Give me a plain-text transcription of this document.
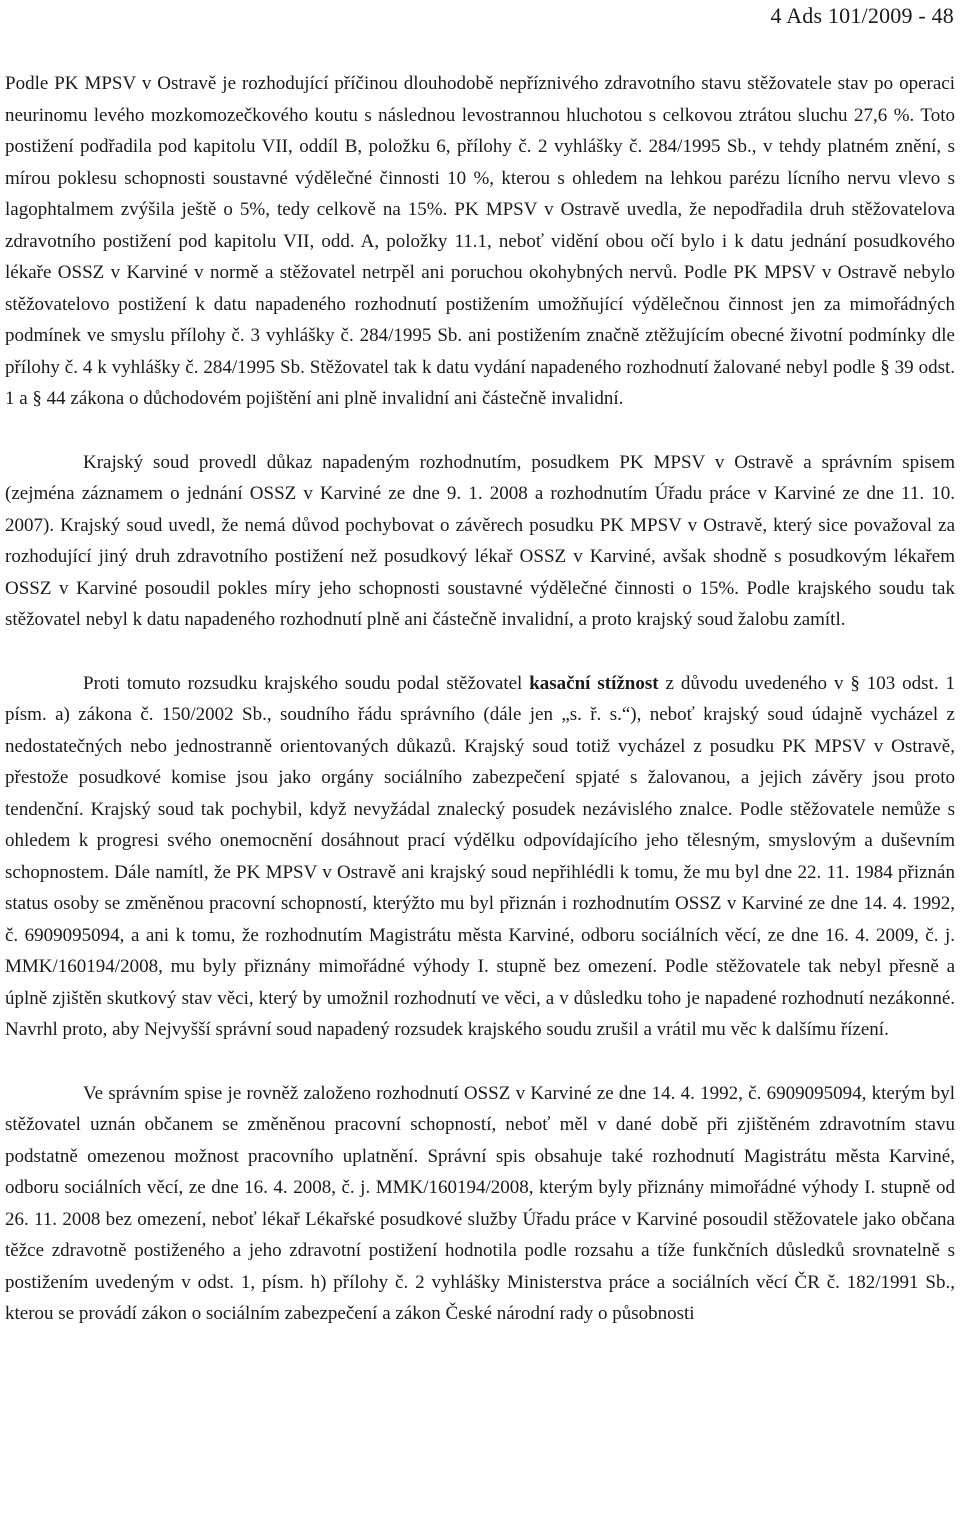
4 Ads 101/2009 - 48

Podle PK MPSV v Ostravě je rozhodující příčinou dlouhodobě nepříznivého zdravotního stavu stěžovatele stav po operaci neurinomu levého mozkomozečkového koutu s následnou levostrannou hluchotou s celkovou ztrátou sluchu 27,6 %. Toto postižení podřadila pod kapitolu VII, oddíl B, položku 6, přílohy č. 2 vyhlášky č. 284/1995 Sb., v tehdy platném znění, s mírou poklesu schopnosti soustavné výdělečné činnosti 10 %, kterou s ohledem na lehkou parézu lícního nervu vlevo s lagophtalmem zvýšila ještě o 5%, tedy celkově na 15%. PK MPSV v Ostravě uvedla, že nepodřadila druh stěžovatelova zdravotního postižení pod kapitolu VII, odd. A, položky 11.1, neboť vidění obou očí bylo i k datu jednání posudkového lékaře OSSZ v Karviné v normě a stěžovatel netrpěl ani poruchou okohybných nervů. Podle PK MPSV v Ostravě nebylo stěžovatelovo postižení k datu napadeného rozhodnutí postižením umožňující výdělečnou činnost jen za mimořádných podmínek ve smyslu přílohy č. 3 vyhlášky č. 284/1995 Sb. ani postižením značně ztěžujícím obecné životní podmínky dle přílohy č. 4 k vyhlášky č. 284/1995 Sb. Stěžovatel tak k datu vydání napadeného rozhodnutí žalované nebyl podle § 39 odst. 1 a § 44 zákona o důchodovém pojištění ani plně invalidní ani částečně invalidní.

Krajský soud provedl důkaz napadeným rozhodnutím, posudkem PK MPSV v Ostravě a správním spisem (zejména záznamem o jednání OSSZ v Karviné ze dne 9. 1. 2008 a rozhodnutím Úřadu práce v Karviné ze dne 11. 10. 2007). Krajský soud uvedl, že nemá důvod pochybovat o závěrech posudku PK MPSV v Ostravě, který sice považoval za rozhodující jiný druh zdravotního postižení než posudkový lékař OSSZ v Karviné, avšak shodně s posudkovým lékařem OSSZ v Karviné posoudil pokles míry jeho schopnosti soustavné výdělečné činnosti o 15%. Podle krajského soudu tak stěžovatel nebyl k datu napadeného rozhodnutí plně ani částečně invalidní, a proto krajský soud žalobu zamítl.

Proti tomuto rozsudku krajského soudu podal stěžovatel kasační stížnost z důvodu uvedeného v § 103 odst. 1 písm. a) zákona č. 150/2002 Sb., soudního řádu správního (dále jen „s. ř. s.“), neboť krajský soud údajně vycházel z nedostatečných nebo jednostranně orientovaných důkazů. Krajský soud totiž vycházel z posudku PK MPSV v Ostravě, přestože posudkové komise jsou jako orgány sociálního zabezpečení spjaté s žalovanou, a jejich závěry jsou proto tendenční. Krajský soud tak pochybil, když nevyžádal znalecký posudek nezávislého znalce. Podle stěžovatele nemůže s ohledem k progresi svého onemocnění dosáhnout prací výdělku odpovídajícího jeho tělesným, smyslovým a duševním schopnostem. Dále namítl, že PK MPSV v Ostravě ani krajský soud nepřihlédli k tomu, že mu byl dne 22. 11. 1984 přiznán status osoby se změněnou pracovní schopností, kterýžto mu byl přiznán i rozhodnutím OSSZ v Karviné ze dne 14. 4. 1992, č. 6909095094, a ani k tomu, že rozhodnutím Magistrátu města Karviné, odboru sociálních věcí, ze dne 16. 4. 2009, č. j. MMK/160194/2008, mu byly přiznány mimořádné výhody I. stupně bez omezení. Podle stěžovatele tak nebyl přesně a úplně zjištěn skutkový stav věci, který by umožnil rozhodnutí ve věci, a v důsledku toho je napadené rozhodnutí nezákonné. Navrhl proto, aby Nejvyšší správní soud napadený rozsudek krajského soudu zrušil a vrátil mu věc k dalšímu řízení.

Ve správním spise je rovněž založeno rozhodnutí OSSZ v Karviné ze dne 14. 4. 1992, č. 6909095094, kterým byl stěžovatel uznán občanem se změněnou pracovní schopností, neboť měl v dané době při zjištěném zdravotním stavu podstatně omezenou možnost pracovního uplatnění. Správní spis obsahuje také rozhodnutí Magistrátu města Karviné, odboru sociálních věcí, ze dne 16. 4. 2008, č. j. MMK/160194/2008, kterým byly přiznány mimořádné výhody I. stupně od 26. 11. 2008 bez omezení, neboť lékař Lékařské posudkové služby Úřadu práce v Karviné posoudil stěžovatele jako občana těžce zdravotně postiženého a jeho zdravotní postižení hodnotila podle rozsahu a tíže funkčních důsledků srovnatelně s postižením uvedeným v odst. 1, písm. h) přílohy č. 2 vyhlášky Ministerstva práce a sociálních věcí ČR č. 182/1991 Sb., kterou se provádí zákon o sociálním zabezpečení a zákon České národní rady o působnosti
